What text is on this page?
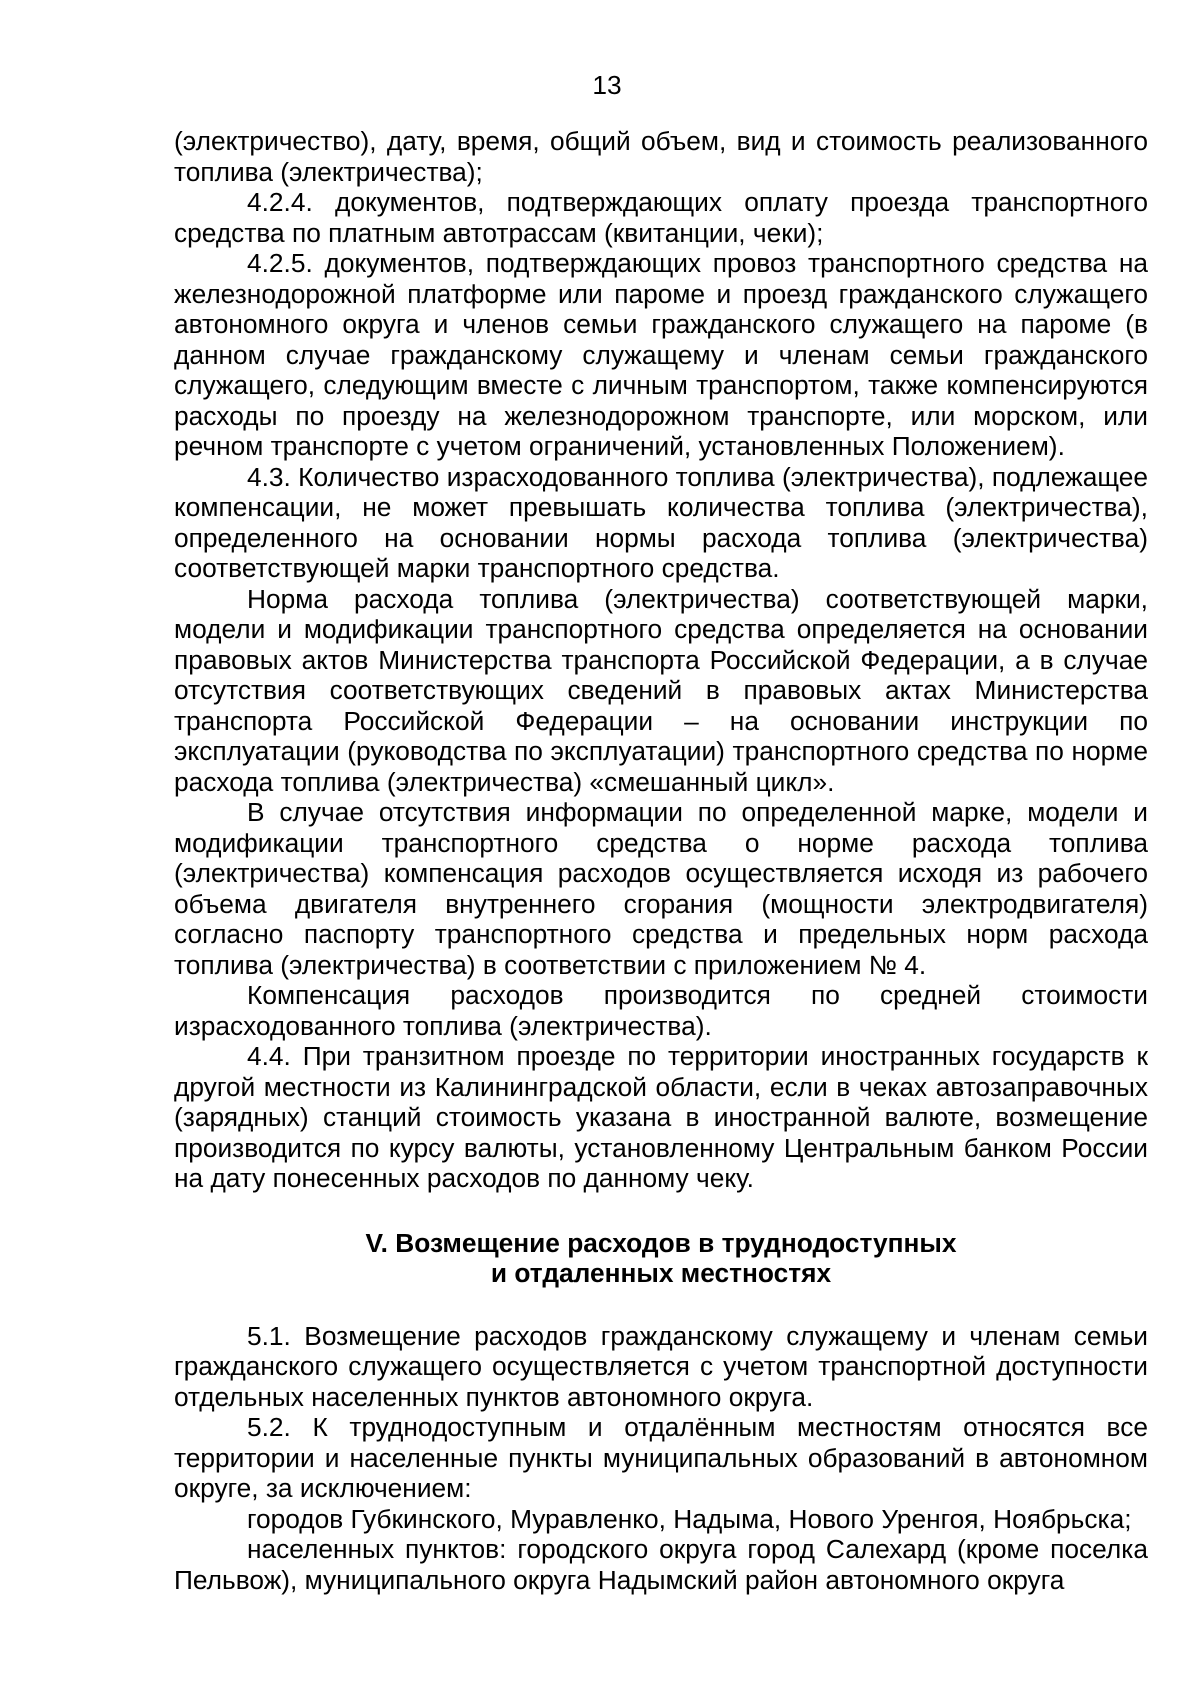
13

(электричество), дату, время, общий объем, вид и стоимость реализованного топлива (электричества);

4.2.4. документов, подтверждающих оплату проезда транспортного средства по платным автотрассам (квитанции, чеки);

4.2.5. документов, подтверждающих провоз транспортного средства на железнодорожной платформе или пароме и проезд гражданского служащего автономного округа и членов семьи гражданского служащего на пароме (в данном случае гражданскому служащему и членам семьи гражданского служащего, следующим вместе с личным транспортом, также компенсируются расходы по проезду на железнодорожном транспорте, или морском, или речном транспорте с учетом ограничений, установленных Положением).

4.3. Количество израсходованного топлива (электричества), подлежащее компенсации, не может превышать количества топлива (электричества), определенного на основании нормы расхода топлива (электричества) соответствующей марки транспортного средства.

Норма расхода топлива (электричества) соответствующей марки, модели и модификации транспортного средства определяется на основании правовых актов Министерства транспорта Российской Федерации, а в случае отсутствия соответствующих сведений в правовых актах Министерства транспорта Российской Федерации – на основании инструкции по эксплуатации (руководства по эксплуатации) транспортного средства по норме расхода топлива (электричества) «смешанный цикл».

В случае отсутствия информации по определенной марке, модели и модификации транспортного средства о норме расхода топлива (электричества) компенсация расходов осуществляется исходя из рабочего объема двигателя внутреннего сгорания (мощности электродвигателя) согласно паспорту транспортного средства и предельных норм расхода топлива (электричества) в соответствии с приложением № 4.

Компенсация расходов производится по средней стоимости израсходованного топлива (электричества).

4.4. При транзитном проезде по территории иностранных государств к другой местности из Калининградской области, если в чеках автозаправочных (зарядных) станций стоимость указана в иностранной валюте, возмещение производится по курсу валюты, установленному Центральным банком России на дату понесенных расходов по данному чеку.

V. Возмещение расходов в труднодоступных
и отдаленных местностях

5.1. Возмещение расходов гражданскому служащему и членам семьи гражданского служащего осуществляется с учетом транспортной доступности отдельных населенных пунктов автономного округа.

5.2. К труднодоступным и отдалённым местностям относятся все территории и населенные пункты муниципальных образований в автономном округе, за исключением:

городов Губкинского, Муравленко, Надыма, Нового Уренгоя, Ноябрьска;

населенных пунктов: городского округа город Салехард (кроме поселка Пельвож), муниципального округа Надымский район автономного округа
